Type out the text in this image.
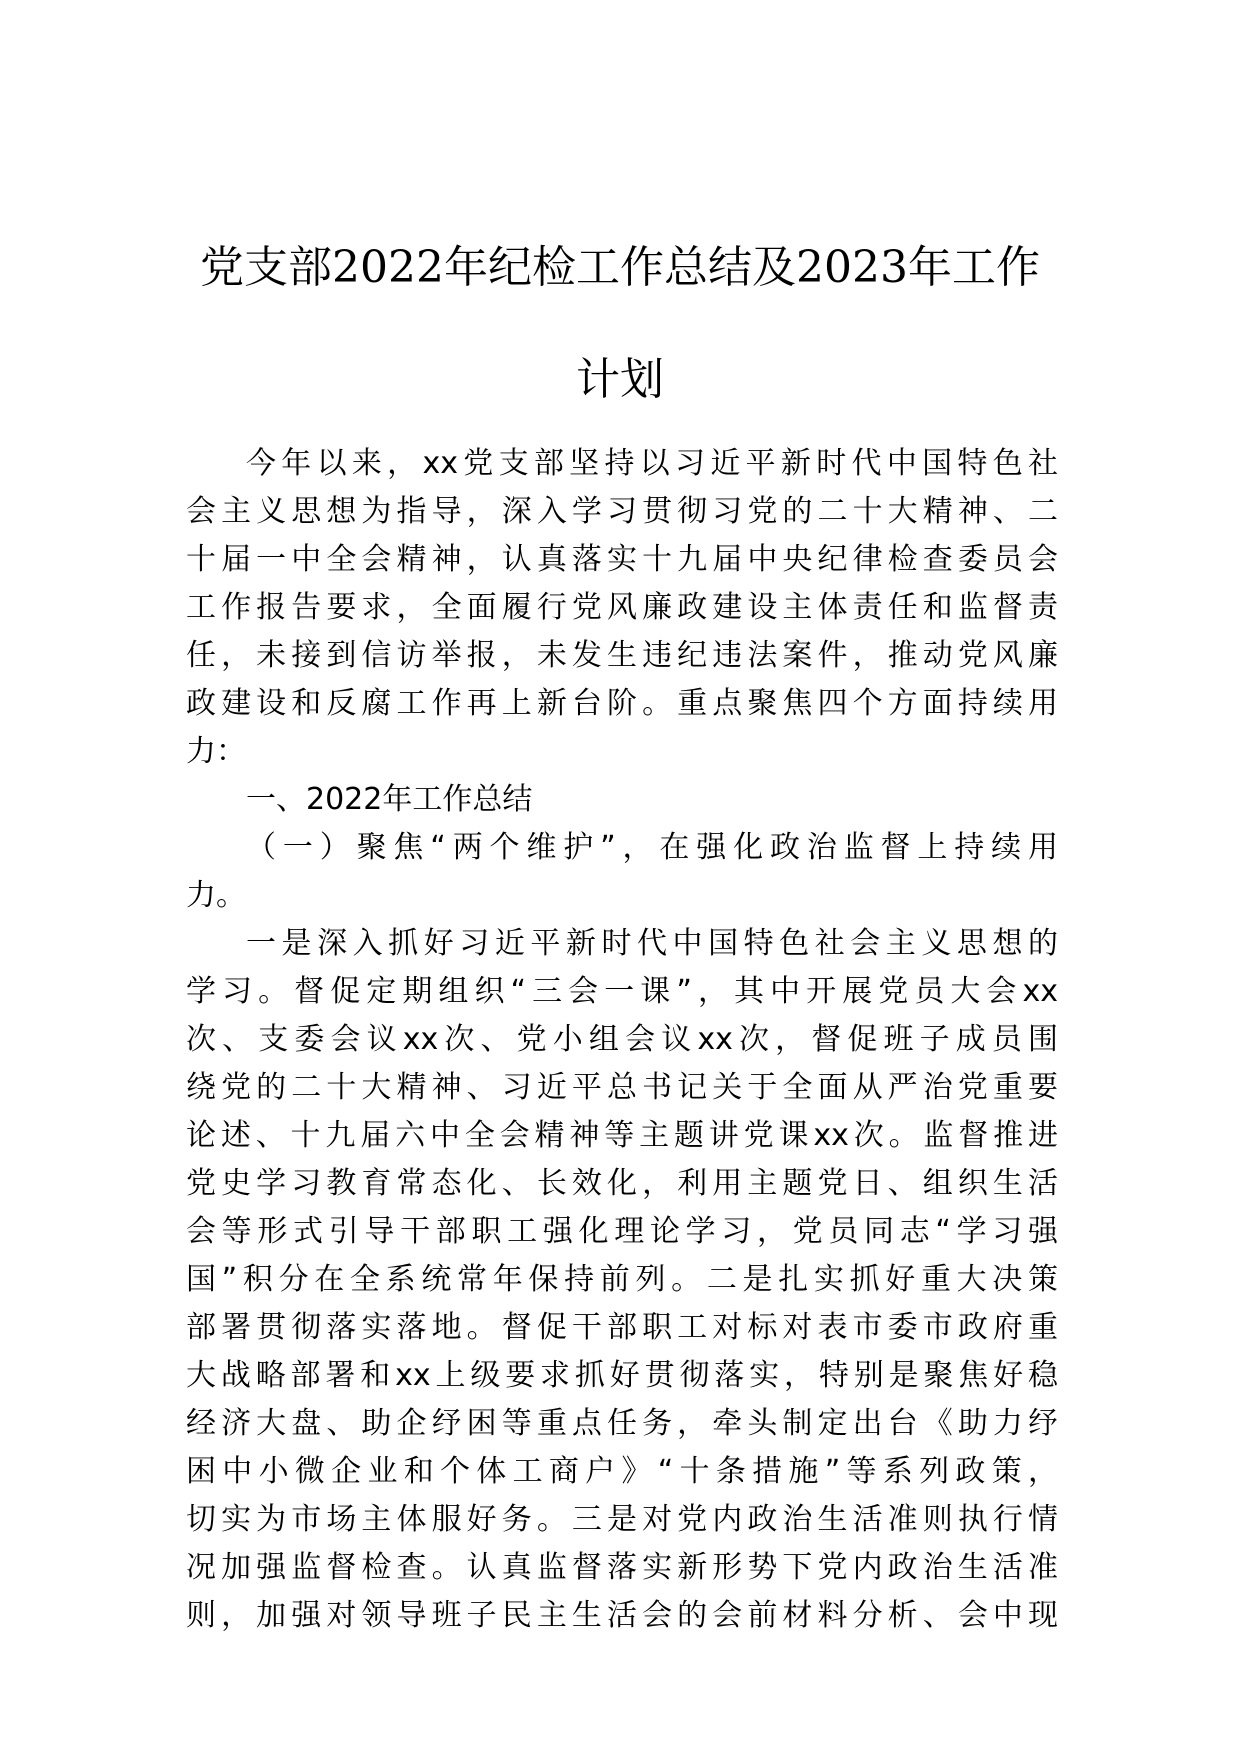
党支部2022年纪检工作总结及2023年工作
计划
今年以来，xx党支部坚持以习近平新时代中国特色社
会主义思想为指导，深入学习贯彻习党的二十大精神、二
十届一中全会精神，认真落实十九届中央纪律检查委员会
工作报告要求，全面履行党风廉政建设主体责任和监督责
任，未接到信访举报，未发生违纪违法案件，推动党风廉
政建设和反腐工作再上新台阶。重点聚焦四个方面持续用
力：
一、2022年工作总结
（一）聚焦“两个维护”，在强化政治监督上持续用
力。
一是深入抓好习近平新时代中国特色社会主义思想的
学习。督促定期组织“三会一课”，其中开展党员大会xx
次、支委会议xx次、党小组会议xx次，督促班子成员围
绕党的二十大精神、习近平总书记关于全面从严治党重要
论述、十九届六中全会精神等主题讲党课xx次。监督推进
党史学习教育常态化、长效化，利用主题党日、组织生活
会等形式引导干部职工强化理论学习，党员同志“学习强
国”积分在全系统常年保持前列。二是扎实抓好重大决策
部署贯彻落实落地。督促干部职工对标对表市委市政府重
大战略部署和xx上级要求抓好贯彻落实，特别是聚焦好稳
经济大盘、助企纾困等重点任务，牵头制定出台《助力纾
困中小微企业和个体工商户》“十条措施”等系列政策，
切实为市场主体服好务。三是对党内政治生活准则执行情
况加强监督检查。认真监督落实新形势下党内政治生活准
则，加强对领导班子民主生活会的会前材料分析、会中现
